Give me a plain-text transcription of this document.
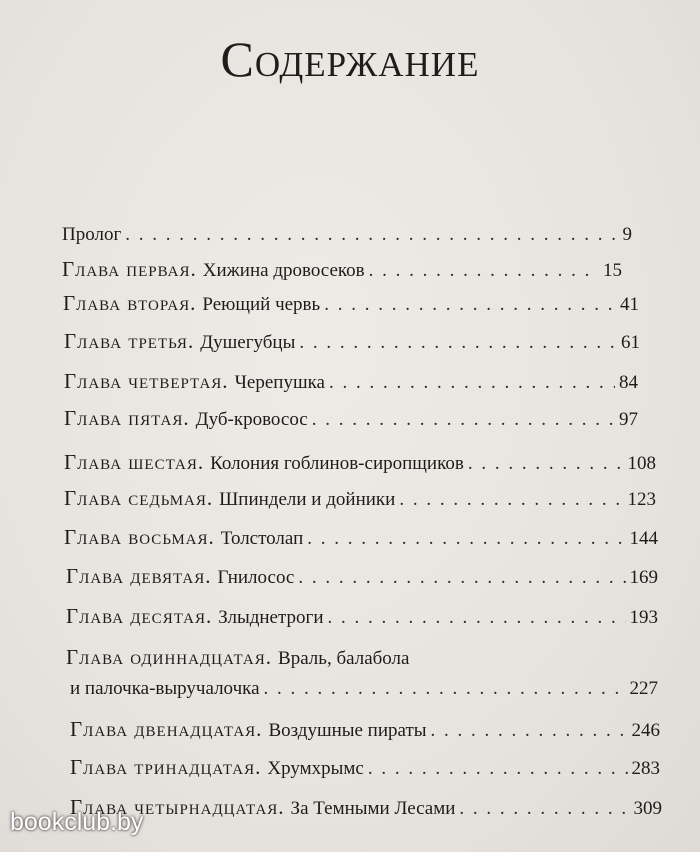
Содержание
Пролог . . .	9
Глава первая. Хижина дровосеков . . .	15
Глава вторая. Реющий червь . . .	41
Глава третья. Душегубцы . . .	61
Глава четвертая. Черепушка . . .	84
Глава пятая. Дуб-кровосос . . .	97
Глава шестая. Колония гоблинов-сиропщиков . . .	108
Глава седьмая. Шпиндели и дойники . . .	123
Глава восьмая. Толстолап . . .	144
Глава девятая. Гнилосос . . .	169
Глава десятая. Злыднетроги . . .	193
Глава одиннадцатая. Враль, балабола
и палочка-выручалочка . . .	227
Глава двенадцатая. Воздушные пираты . . .	246
Глава тринадцатая. Хрумхрымс . . .	283
Глава четырнадцатая. За Темными Лесами . . .	309
bookclub.by
